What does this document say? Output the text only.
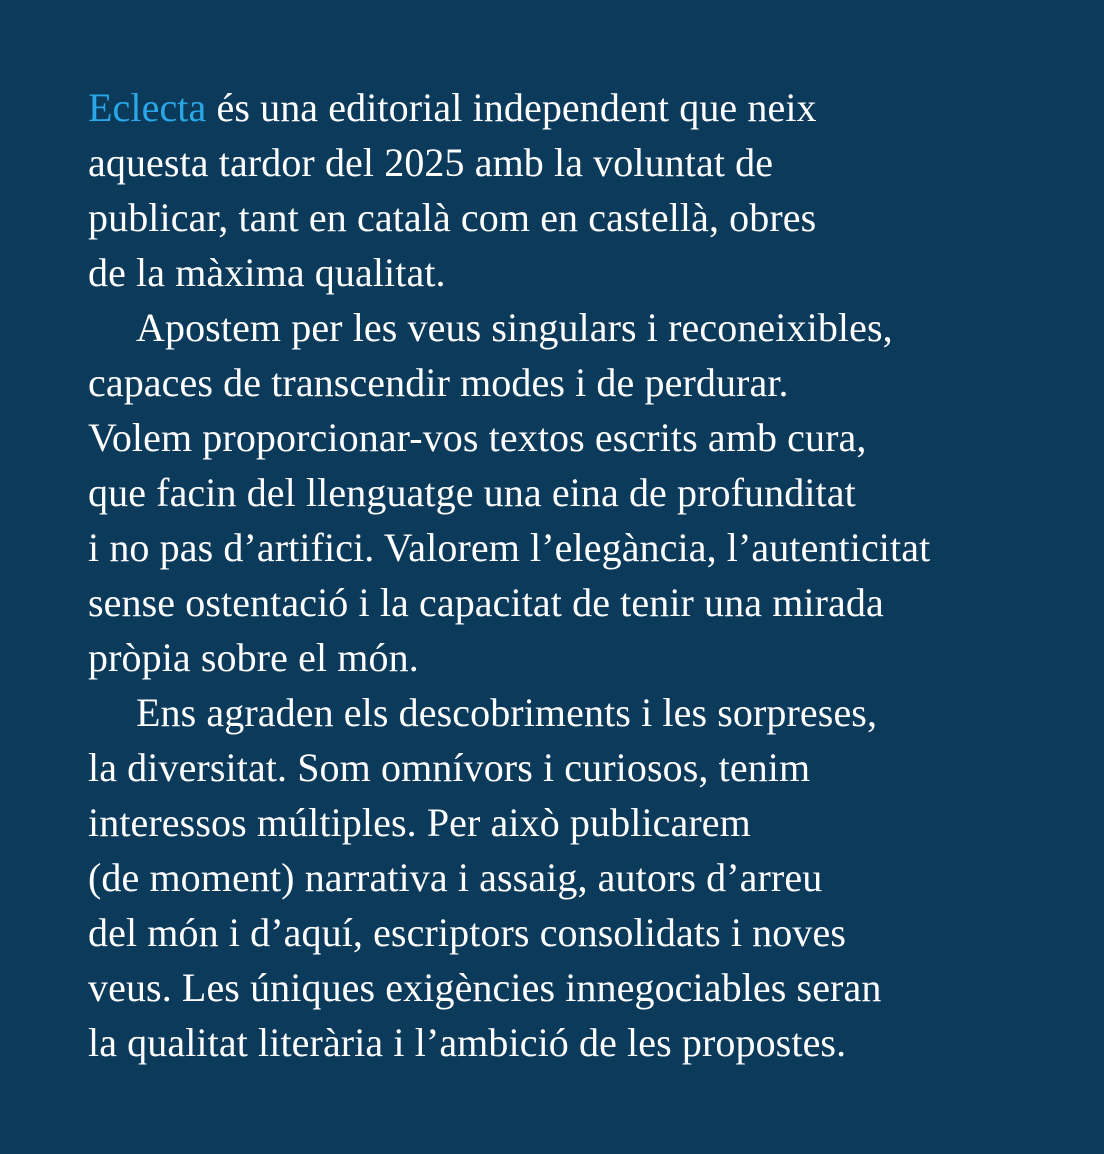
Eclecta és una editorial independent que neix
aquesta tardor del 2025 amb la voluntat de
publicar, tant en català com en castellà, obres
de la màxima qualitat.
Apostem per les veus singulars i reconeixibles,
capaces de transcendir modes i de perdurar.
Volem proporcionar-vos textos escrits amb cura,
que facin del llenguatge una eina de profunditat
i no pas d’artifici. Valorem l’elegància, l’autenticitat
sense ostentació i la capacitat de tenir una mirada
pròpia sobre el món.
Ens agraden els descobriments i les sorpreses,
la diversitat. Som omnívors i curiosos, tenim
interessos múltiples. Per això publicarem
(de moment) narrativa i assaig, autors d’arreu
del món i d’aquí, escriptors consolidats i noves
veus. Les úniques exigències innegociables seran
la qualitat literària i l’ambició de les propostes.
